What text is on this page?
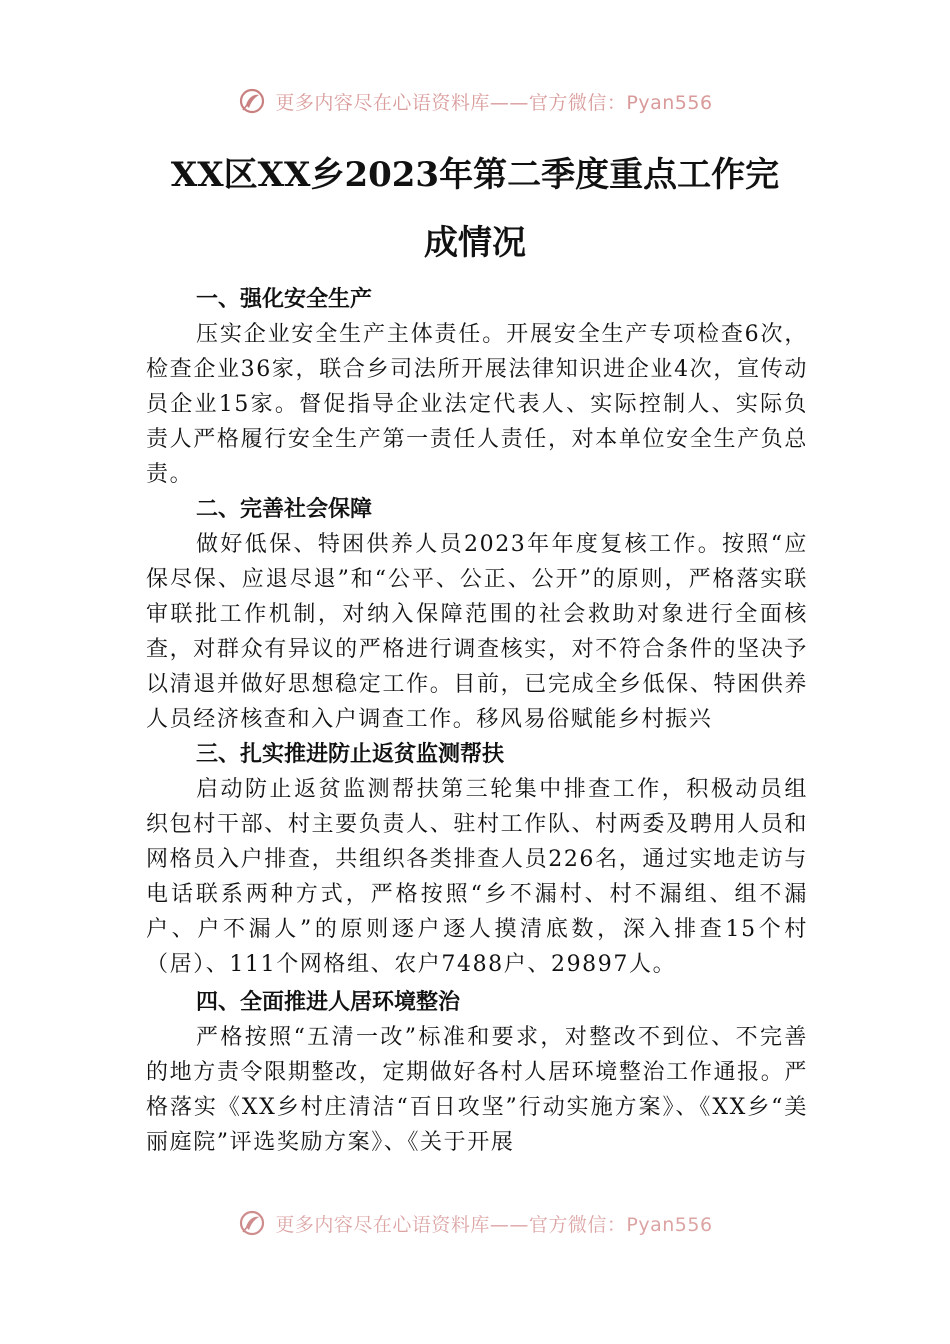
更多内容尽在心语资料库——官方微信：Pyan556
XX区XX乡2023年第二季度重点工作完
成情况

一、强化安全生产

压实企业安全生产主体责任。开展安全生产专项检查6次，检查企业36家，联合乡司法所开展法律知识进企业4次，宣传动员企业15家。督促指导企业法定代表人、实际控制人、实际负责人严格履行安全生产第一责任人责任，对本单位安全生产负总责。

二、完善社会保障

做好低保、特困供养人员2023年年度复核工作。按照“应保尽保、应退尽退”和“公平、公正、公开”的原则，严格落实联审联批工作机制，对纳入保障范围的社会救助对象进行全面核查，对群众有异议的严格进行调查核实，对不符合条件的坚决予以清退并做好思想稳定工作。目前，已完成全乡低保、特困供养人员经济核查和入户调查工作。移风易俗赋能乡村振兴

三、扎实推进防止返贫监测帮扶

启动防止返贫监测帮扶第三轮集中排查工作，积极动员组织包村干部、村主要负责人、驻村工作队、村两委及聘用人员和网格员入户排查，共组织各类排查人员226名，通过实地走访与电话联系两种方式，严格按照“乡不漏村、村不漏组、组不漏户、户不漏人”的原则逐户逐人摸清底数，深入排查15个村（居）、111个网格组、农户7488户、29897人。

四、全面推进人居环境整治

严格按照“五清一改”标准和要求，对整改不到位、不完善的地方责令限期整改，定期做好各村人居环境整治工作通报。严格落实《XX乡村庄清洁“百日攻坚”行动实施方案》、《XX乡“美丽庭院”评选奖励方案》、《关于开展

更多内容尽在心语资料库——官方微信：Pyan556
